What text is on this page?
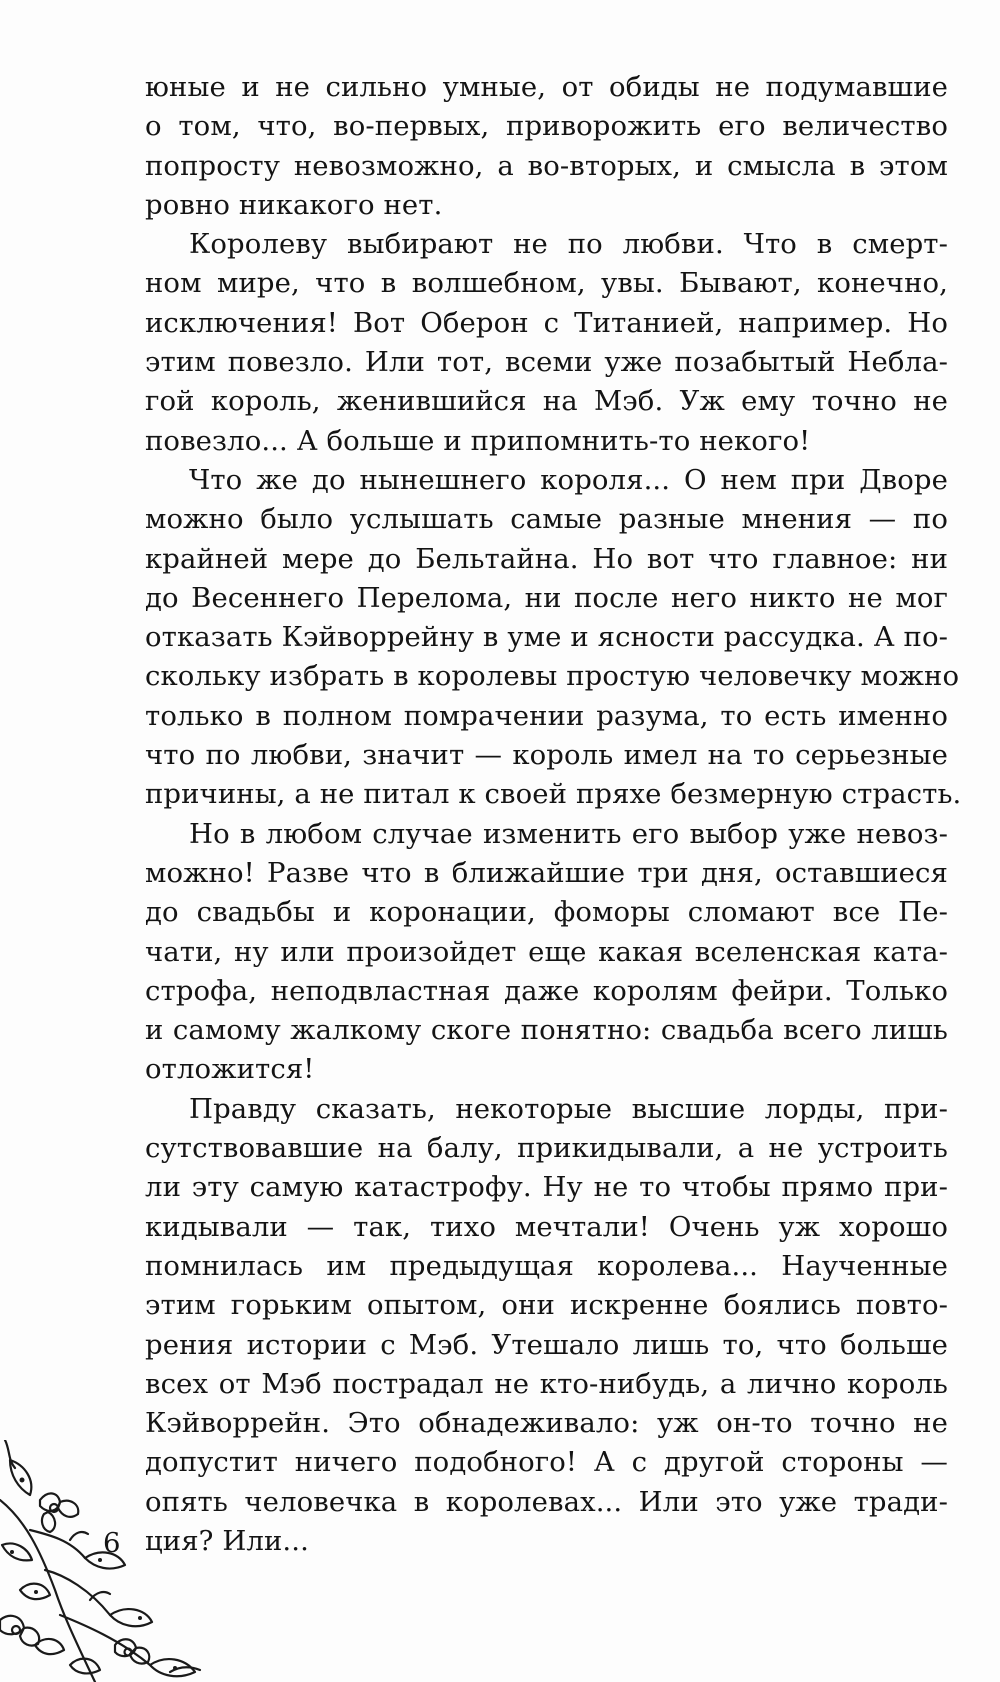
юные и не сильно умные, от обиды не подумавшие
о том, что, во-первых, приворожить его величество
попросту невозможно, а во-вторых, и смысла в этом
ровно никакого нет.
Королеву выбирают не по любви. Что в смерт-
ном мире, что в волшебном, увы. Бывают, конечно,
исключения! Вот Оберон с Титанией, например. Но
этим повезло. Или тот, всеми уже позабытый Небла-
гой король, женившийся на Мэб. Уж ему точно не
повезло... А больше и припомнить-то некого!
Что же до нынешнего короля... О нем при Дворе
можно было услышать самые разные мнения — по
крайней мере до Бельтайна. Но вот что главное: ни
до Весеннего Перелома, ни после него никто не мог
отказать Кэйворрейну в уме и ясности рассудка. А по-
скольку избрать в королевы простую человечку можно
только в полном помрачении разума, то есть именно
что по любви, значит — король имел на то серьезные
причины, а не питал к своей пряхе безмерную страсть.
Но в любом случае изменить его выбор уже невоз-
можно! Разве что в ближайшие три дня, оставшиеся
до свадьбы и коронации, фоморы сломают все Пе-
чати, ну или произойдет еще какая вселенская ката-
строфа, неподвластная даже королям фейри. Только
и самому жалкому скоге понятно: свадьба всего лишь
отложится!
Правду сказать, некоторые высшие лорды, при-
сутствовавшие на балу, прикидывали, а не устроить
ли эту самую катастрофу. Ну не то чтобы прямо при-
кидывали — так, тихо мечтали! Очень уж хорошо
помнилась им предыдущая королева... Наученные
этим горьким опытом, они искренне боялись повто-
рения истории с Мэб. Утешало лишь то, что больше
всех от Мэб пострадал не кто-нибудь, а лично король
Кэйворрейн. Это обнадеживало: уж он-то точно не
допустит ничего подобного! А с другой стороны —
опять человечка в королевах... Или это уже тради-
ция? Или...
6
